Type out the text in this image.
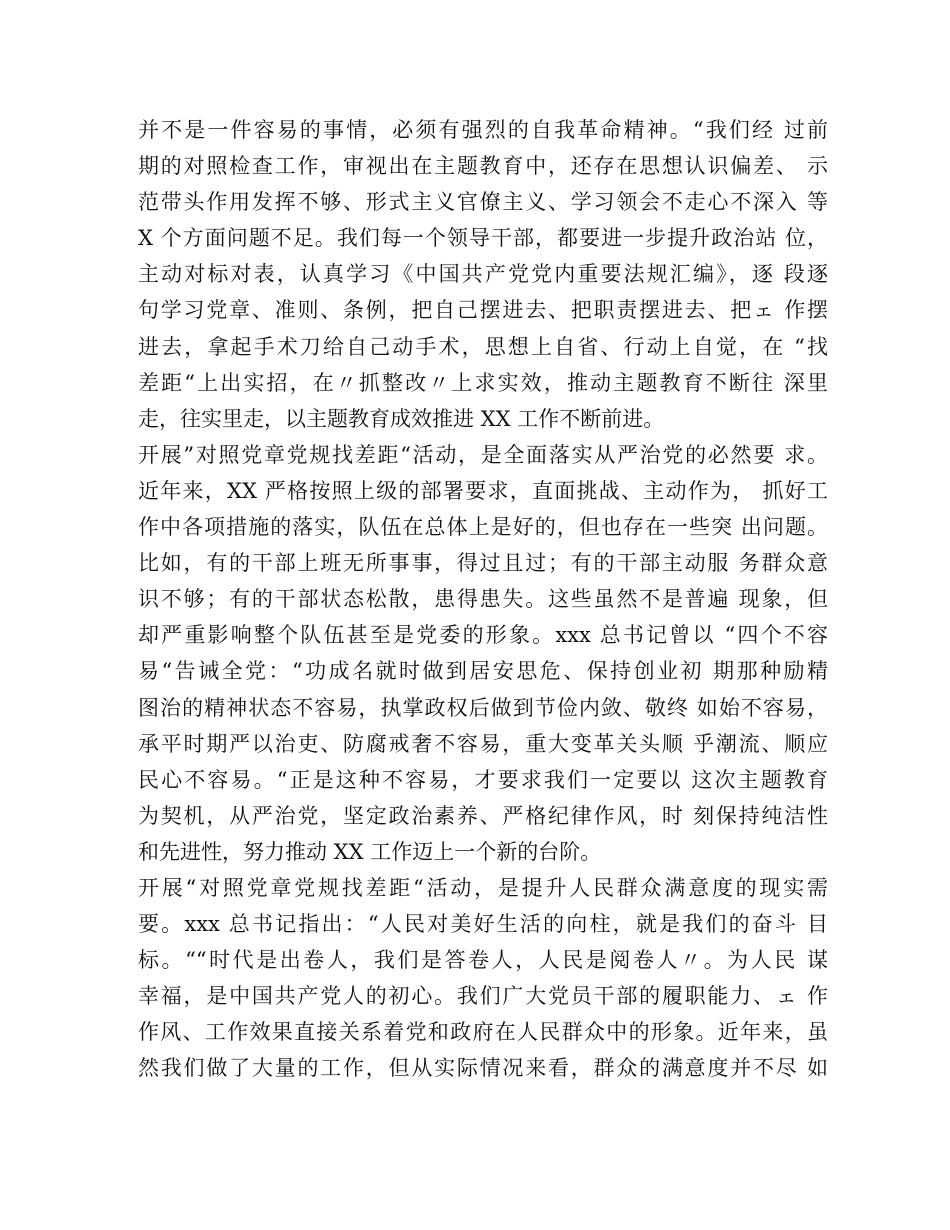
并不是一件容易的事情，必须有强烈的自我革命精神。“我们经 过前
期的对照检查工作，审视出在主题教育中，还存在思想认识偏差、 示
范带头作用发挥不够、形式主义官僚主义、学习领会不走心不深入 等
X 个方面问题不足。我们每一个领导干部，都要进一步提升政治站 位，
主动对标对表，认真学习《中国共产党党内重要法规汇编》，逐 段逐
句学习党章、准则、条例，把自己摆进去、把职责摆进去、把ェ 作摆
进去，拿起手术刀给自己动手术，思想上自省、行动上自觉，在 “找
差距“上出实招，在〃抓整改〃上求实效，推动主题教育不断往 深里
走，往实里走，以主题教育成效推进 XX 工作不断前进。
开展”对照党章党规找差距“活动，是全面落实从严治党的必然要 求。
近年来，XX 严格按照上级的部署要求，直面挑战、主动作为， 抓好工
作中各项措施的落实，队伍在总体上是好的，但也存在一些突 出问题。
比如，有的干部上班无所事事，得过且过；有的干部主动服 务群众意
识不够；有的干部状态松散，患得患失。这些虽然不是普遍 现象，但
却严重影响整个队伍甚至是党委的形象。xxx 总书记曾以 “四个不容
易“告诫全党：“功成名就时做到居安思危、保持创业初 期那种励精
图治的精神状态不容易，执掌政权后做到节俭内敛、敬终 如始不容易，
承平时期严以治吏、防腐戒奢不容易，重大变革关头顺 乎潮流、顺应
民心不容易。“正是这种不容易，才要求我们一定要以 这次主题教育
为契机，从严治党，坚定政治素养、严格纪律作风，时 刻保持纯洁性
和先进性，努力推动 XX 工作迈上一个新的台阶。
开展“对照党章党规找差距“活动，是提升人民群众满意度的现实需
要。xxx 总书记指出：“人民对美好生活的向柱，就是我们的奋斗 目
标。““时代是出卷人，我们是答卷人，人民是阅卷人〃。为人民 谋
幸福，是中国共产党人的初心。我们广大党员干部的履职能力、ェ 作
作风、工作效果直接关系着党和政府在人民群众中的形象。近年来，虽
然我们做了大量的工作，但从实际情况来看，群众的满意度并不尽 如
